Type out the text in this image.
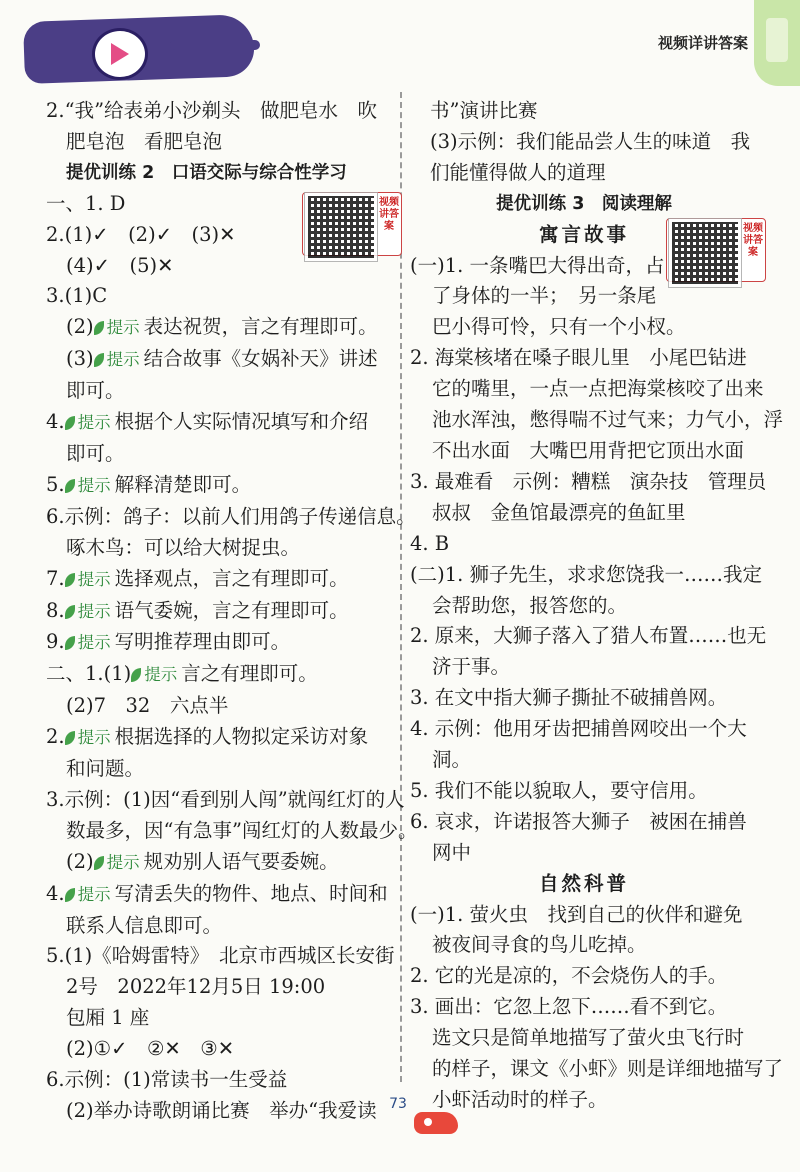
视频详讲答案
2.“我”给表弟小沙剃头　做肥皂水　吹
肥皂泡　看肥皂泡
提优训练 2　口语交际与综合性学习
一、1. D
2.(1)✓　(2)✓　(3)✕
(4)✓　(5)✕
3.(1)C
(2) 提示 表达祝贺，言之有理即可。
(3) 提示 结合故事《女娲补天》讲述
即可。
4. 提示 根据个人实际情况填写和介绍
即可。
5. 提示 解释清楚即可。
6.示例：鸽子：以前人们用鸽子传递信息。
啄木鸟：可以给大树捉虫。
7. 提示 选择观点，言之有理即可。
8. 提示 语气委婉，言之有理即可。
9. 提示 写明推荐理由即可。
二、1.(1) 提示 言之有理即可。
(2)7　32　六点半
2. 提示 根据选择的人物拟定采访对象
和问题。
3.示例：(1)因“看到别人闯”就闯红灯的人
数最多，因“有急事”闯红灯的人数最少。
(2) 提示 规劝别人语气要委婉。
4. 提示 写清丢失的物件、地点、时间和
联系人信息即可。
5.(1)《哈姆雷特》　北京市西城区长安街
2号　2022年12月5日 19:00
包厢 1 座
(2)①✓　②✕　③✕
6.示例：(1)常读书一生受益
(2)举办诗歌朗诵比赛　举办“我爱读
书”演讲比赛
(3)示例：我们能品尝人生的味道　我
们能懂得做人的道理
提优训练 3　阅读理解
寓言故事
(一)1. 一条嘴巴大得出奇，占
了身体的一半；　另一条尾
巴小得可怜，只有一个小杈。
2. 海棠核堵在嗓子眼儿里　小尾巴钻进
它的嘴里，一点一点把海棠核咬了出来
池水浑浊，憋得喘不过气来；力气小，浮
不出水面　大嘴巴用背把它顶出水面
3. 最难看　示例：糟糕　演杂技　管理员
叔叔　金鱼馆最漂亮的鱼缸里
4. B
(二)1. 狮子先生，求求您饶我一……我定
会帮助您，报答您的。
2. 原来，大狮子落入了猎人布置……也无
济于事。
3. 在文中指大狮子撕扯不破捕兽网。
4. 示例：他用牙齿把捕兽网咬出一个大
洞。
5. 我们不能以貌取人，要守信用。
6. 哀求，许诺报答大狮子　被困在捕兽
网中
自然科普
(一)1. 萤火虫　找到自己的伙伴和避免
被夜间寻食的鸟儿吃掉。
2. 它的光是凉的，不会烧伤人的手。
3. 画出：它忽上忽下……看不到它。
选文只是简单地描写了萤火虫飞行时
的样子，课文《小虾》则是详细地描写了
小虾活动时的样子。
视频讲答案	视频讲答案
73
